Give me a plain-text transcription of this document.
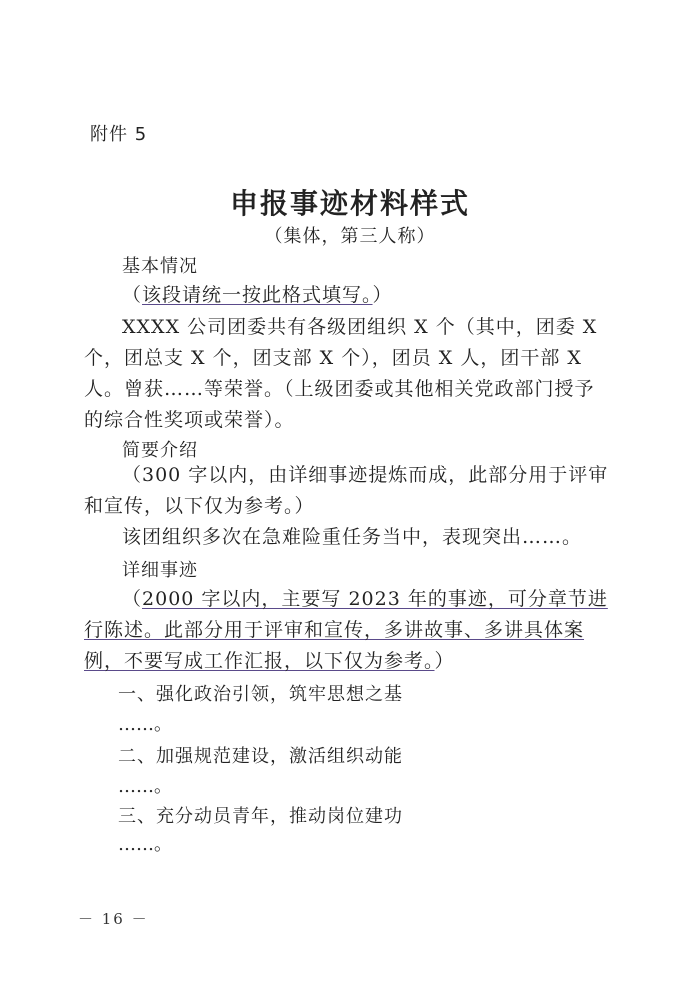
附件 5
申报事迹材料样式
（集体，第三人称）
基本情况
（该段请统一按此格式填写。）
XXXX 公司团委共有各级团组织 X 个（其中，团委 X 个，团总支 X 个，团支部 X 个），团员 X 人，团干部 X 人。曾获……等荣誉。（上级团委或其他相关党政部门授予的综合性奖项或荣誉）。
简要介绍
（300 字以内，由详细事迹提炼而成，此部分用于评审和宣传，以下仅为参考。）
该团组织多次在急难险重任务当中，表现突出……。
详细事迹
（2000 字以内，主要写 2023 年的事迹，可分章节进行陈述。此部分用于评审和宣传，多讲故事、多讲具体案例，不要写成工作汇报，以下仅为参考。）
一、强化政治引领，筑牢思想之基
……。
二、加强规范建设，激活组织动能
……。
三、充分动员青年，推动岗位建功
……。
－ 16 －
